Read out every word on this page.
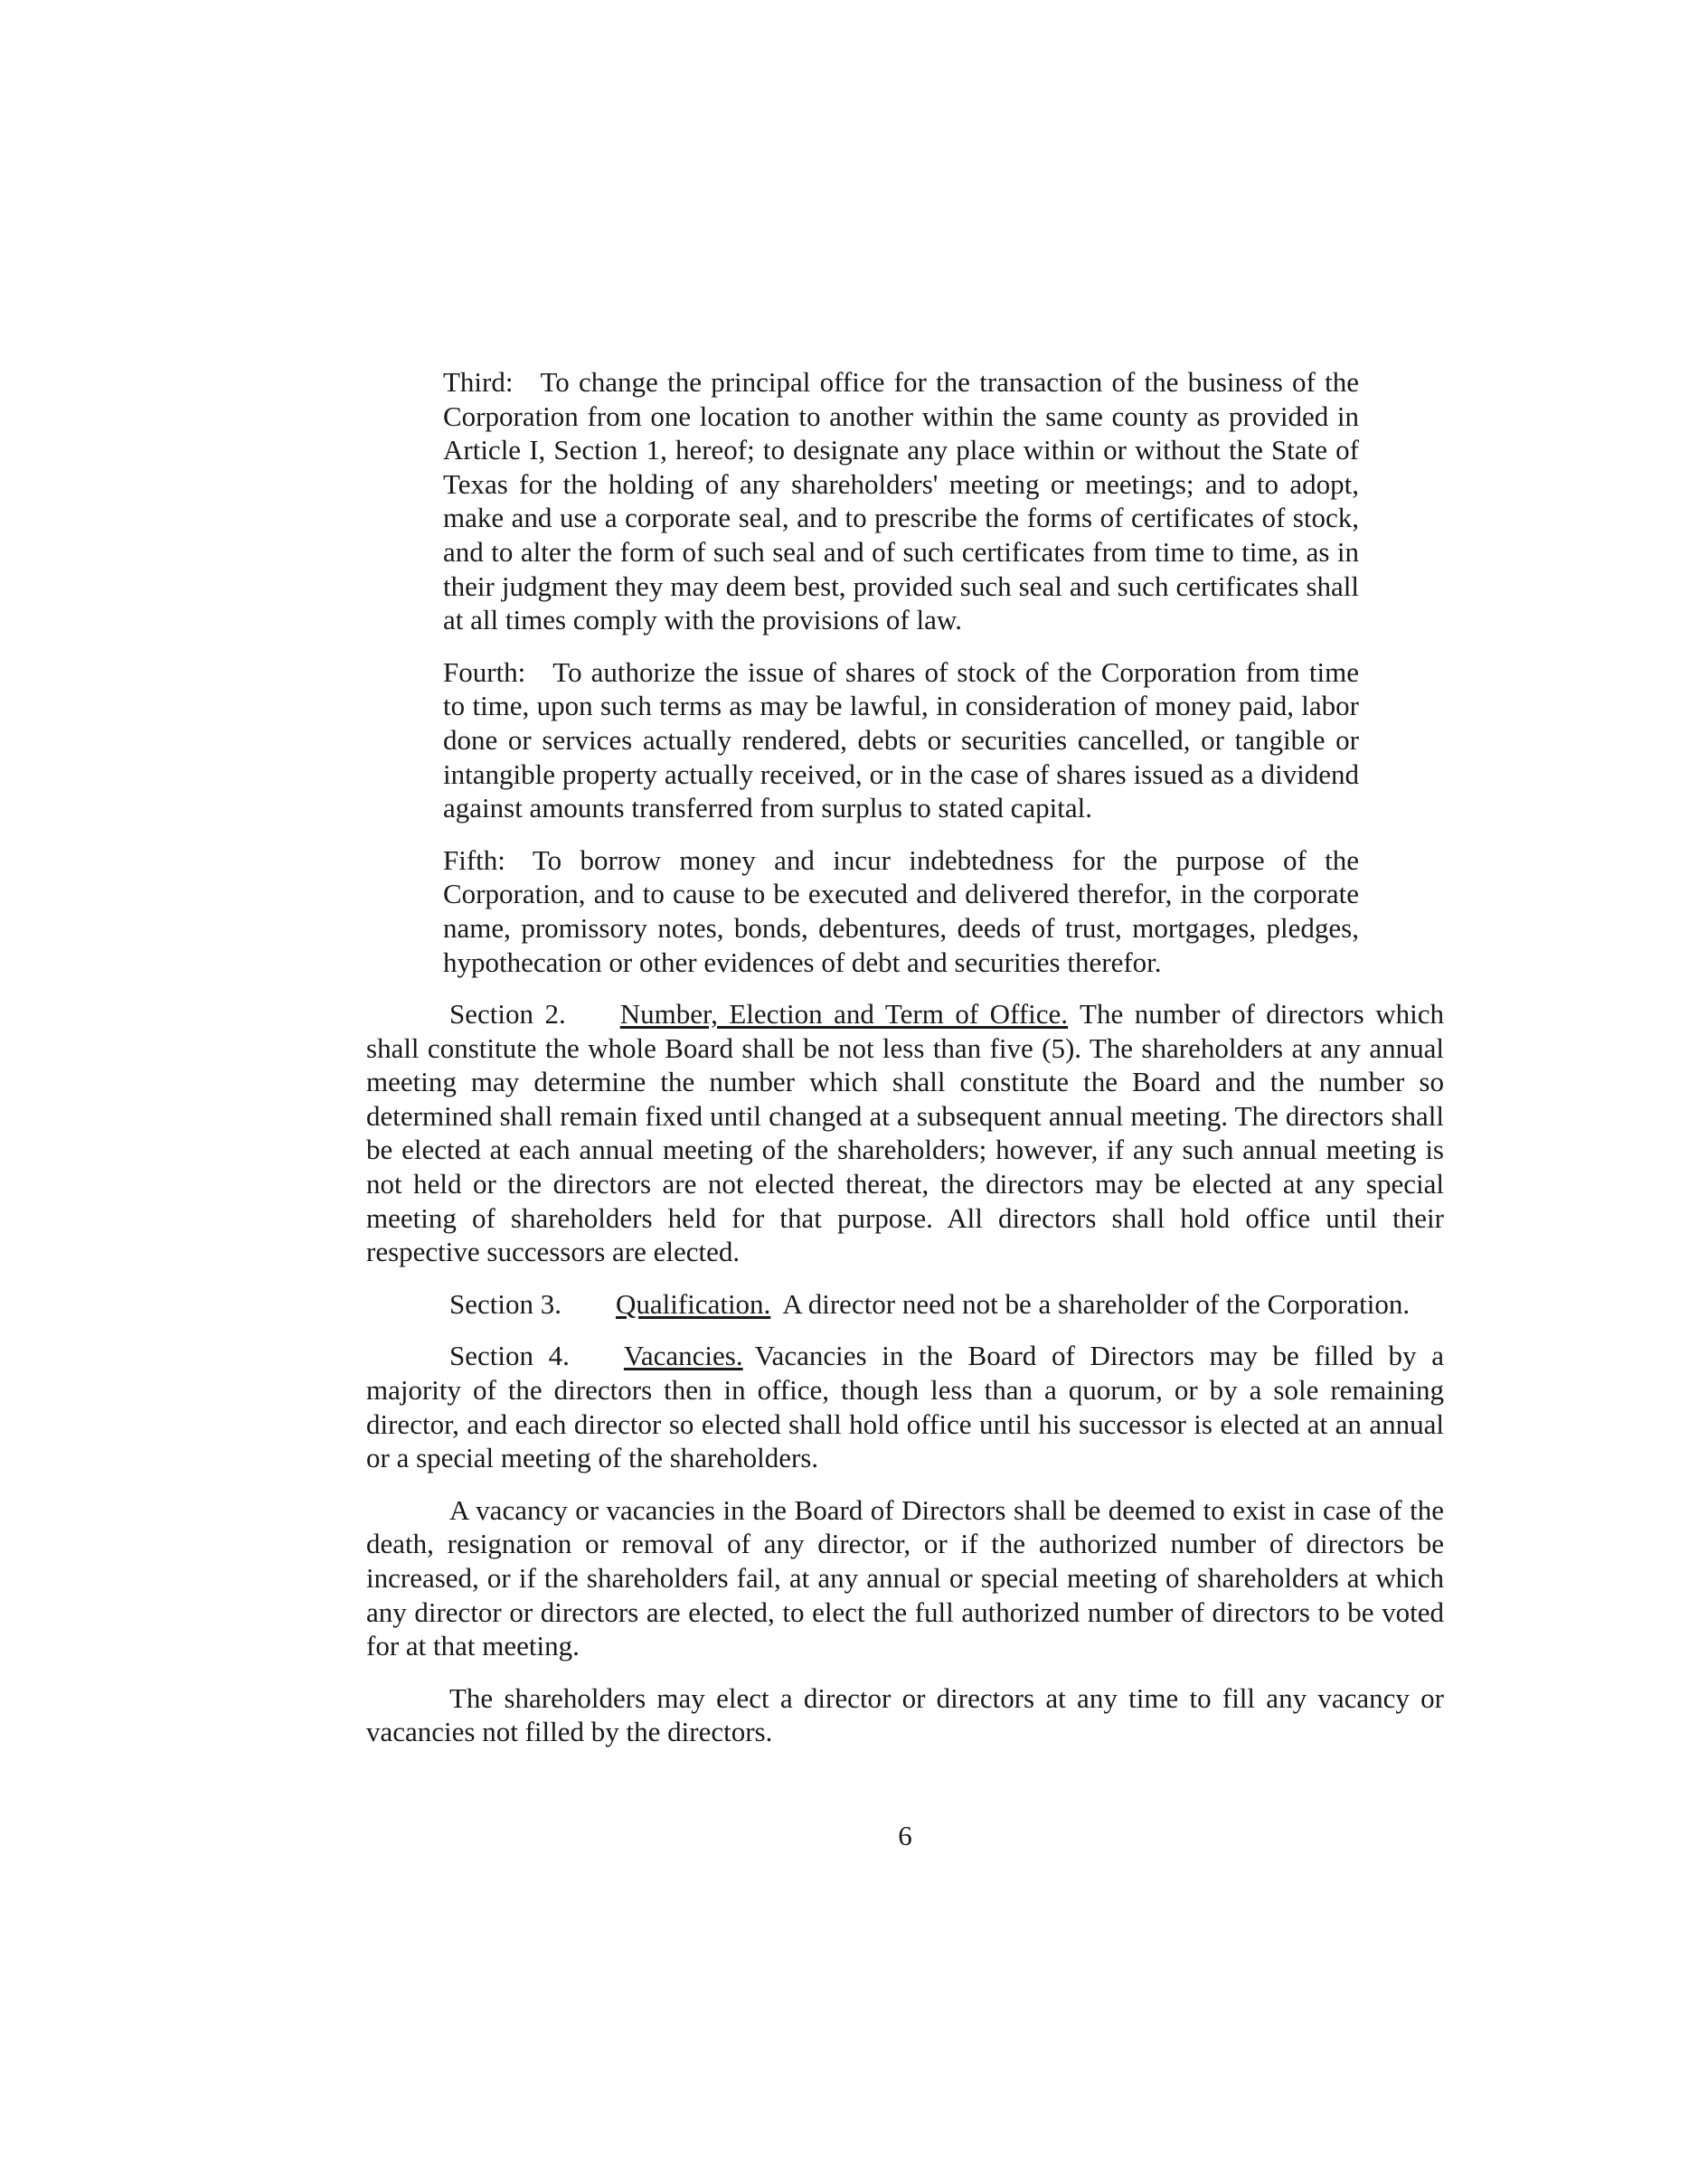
Third: To change the principal office for the transaction of the business of the Corporation from one location to another within the same county as provided in Article I, Section 1, hereof; to designate any place within or without the State of Texas for the holding of any shareholders' meeting or meetings; and to adopt, make and use a corporate seal, and to prescribe the forms of certificates of stock, and to alter the form of such seal and of such certificates from time to time, as in their judgment they may deem best, provided such seal and such certificates shall at all times comply with the provisions of law.

Fourth: To authorize the issue of shares of stock of the Corporation from time to time, upon such terms as may be lawful, in consideration of money paid, labor done or services actually rendered, debts or securities cancelled, or tangible or intangible property actually received, or in the case of shares issued as a dividend against amounts transferred from surplus to stated capital.

Fifth: To borrow money and incur indebtedness for the purpose of the Corporation, and to cause to be executed and delivered therefor, in the corporate name, promissory notes, bonds, debentures, deeds of trust, mortgages, pledges, hypothecation or other evidences of debt and securities therefor.

Section 2. Number, Election and Term of Office. The number of directors which shall constitute the whole Board shall be not less than five (5). The shareholders at any annual meeting may determine the number which shall constitute the Board and the number so determined shall remain fixed until changed at a subsequent annual meeting. The directors shall be elected at each annual meeting of the shareholders; however, if any such annual meeting is not held or the directors are not elected thereat, the directors may be elected at any special meeting of shareholders held for that purpose. All directors shall hold office until their respective successors are elected.

Section 3. Qualification. A director need not be a shareholder of the Corporation.

Section 4. Vacancies. Vacancies in the Board of Directors may be filled by a majority of the directors then in office, though less than a quorum, or by a sole remaining director, and each director so elected shall hold office until his successor is elected at an annual or a special meeting of the shareholders.

A vacancy or vacancies in the Board of Directors shall be deemed to exist in case of the death, resignation or removal of any director, or if the authorized number of directors be increased, or if the shareholders fail, at any annual or special meeting of shareholders at which any director or directors are elected, to elect the full authorized number of directors to be voted for at that meeting.

The shareholders may elect a director or directors at any time to fill any vacancy or vacancies not filled by the directors.

6
